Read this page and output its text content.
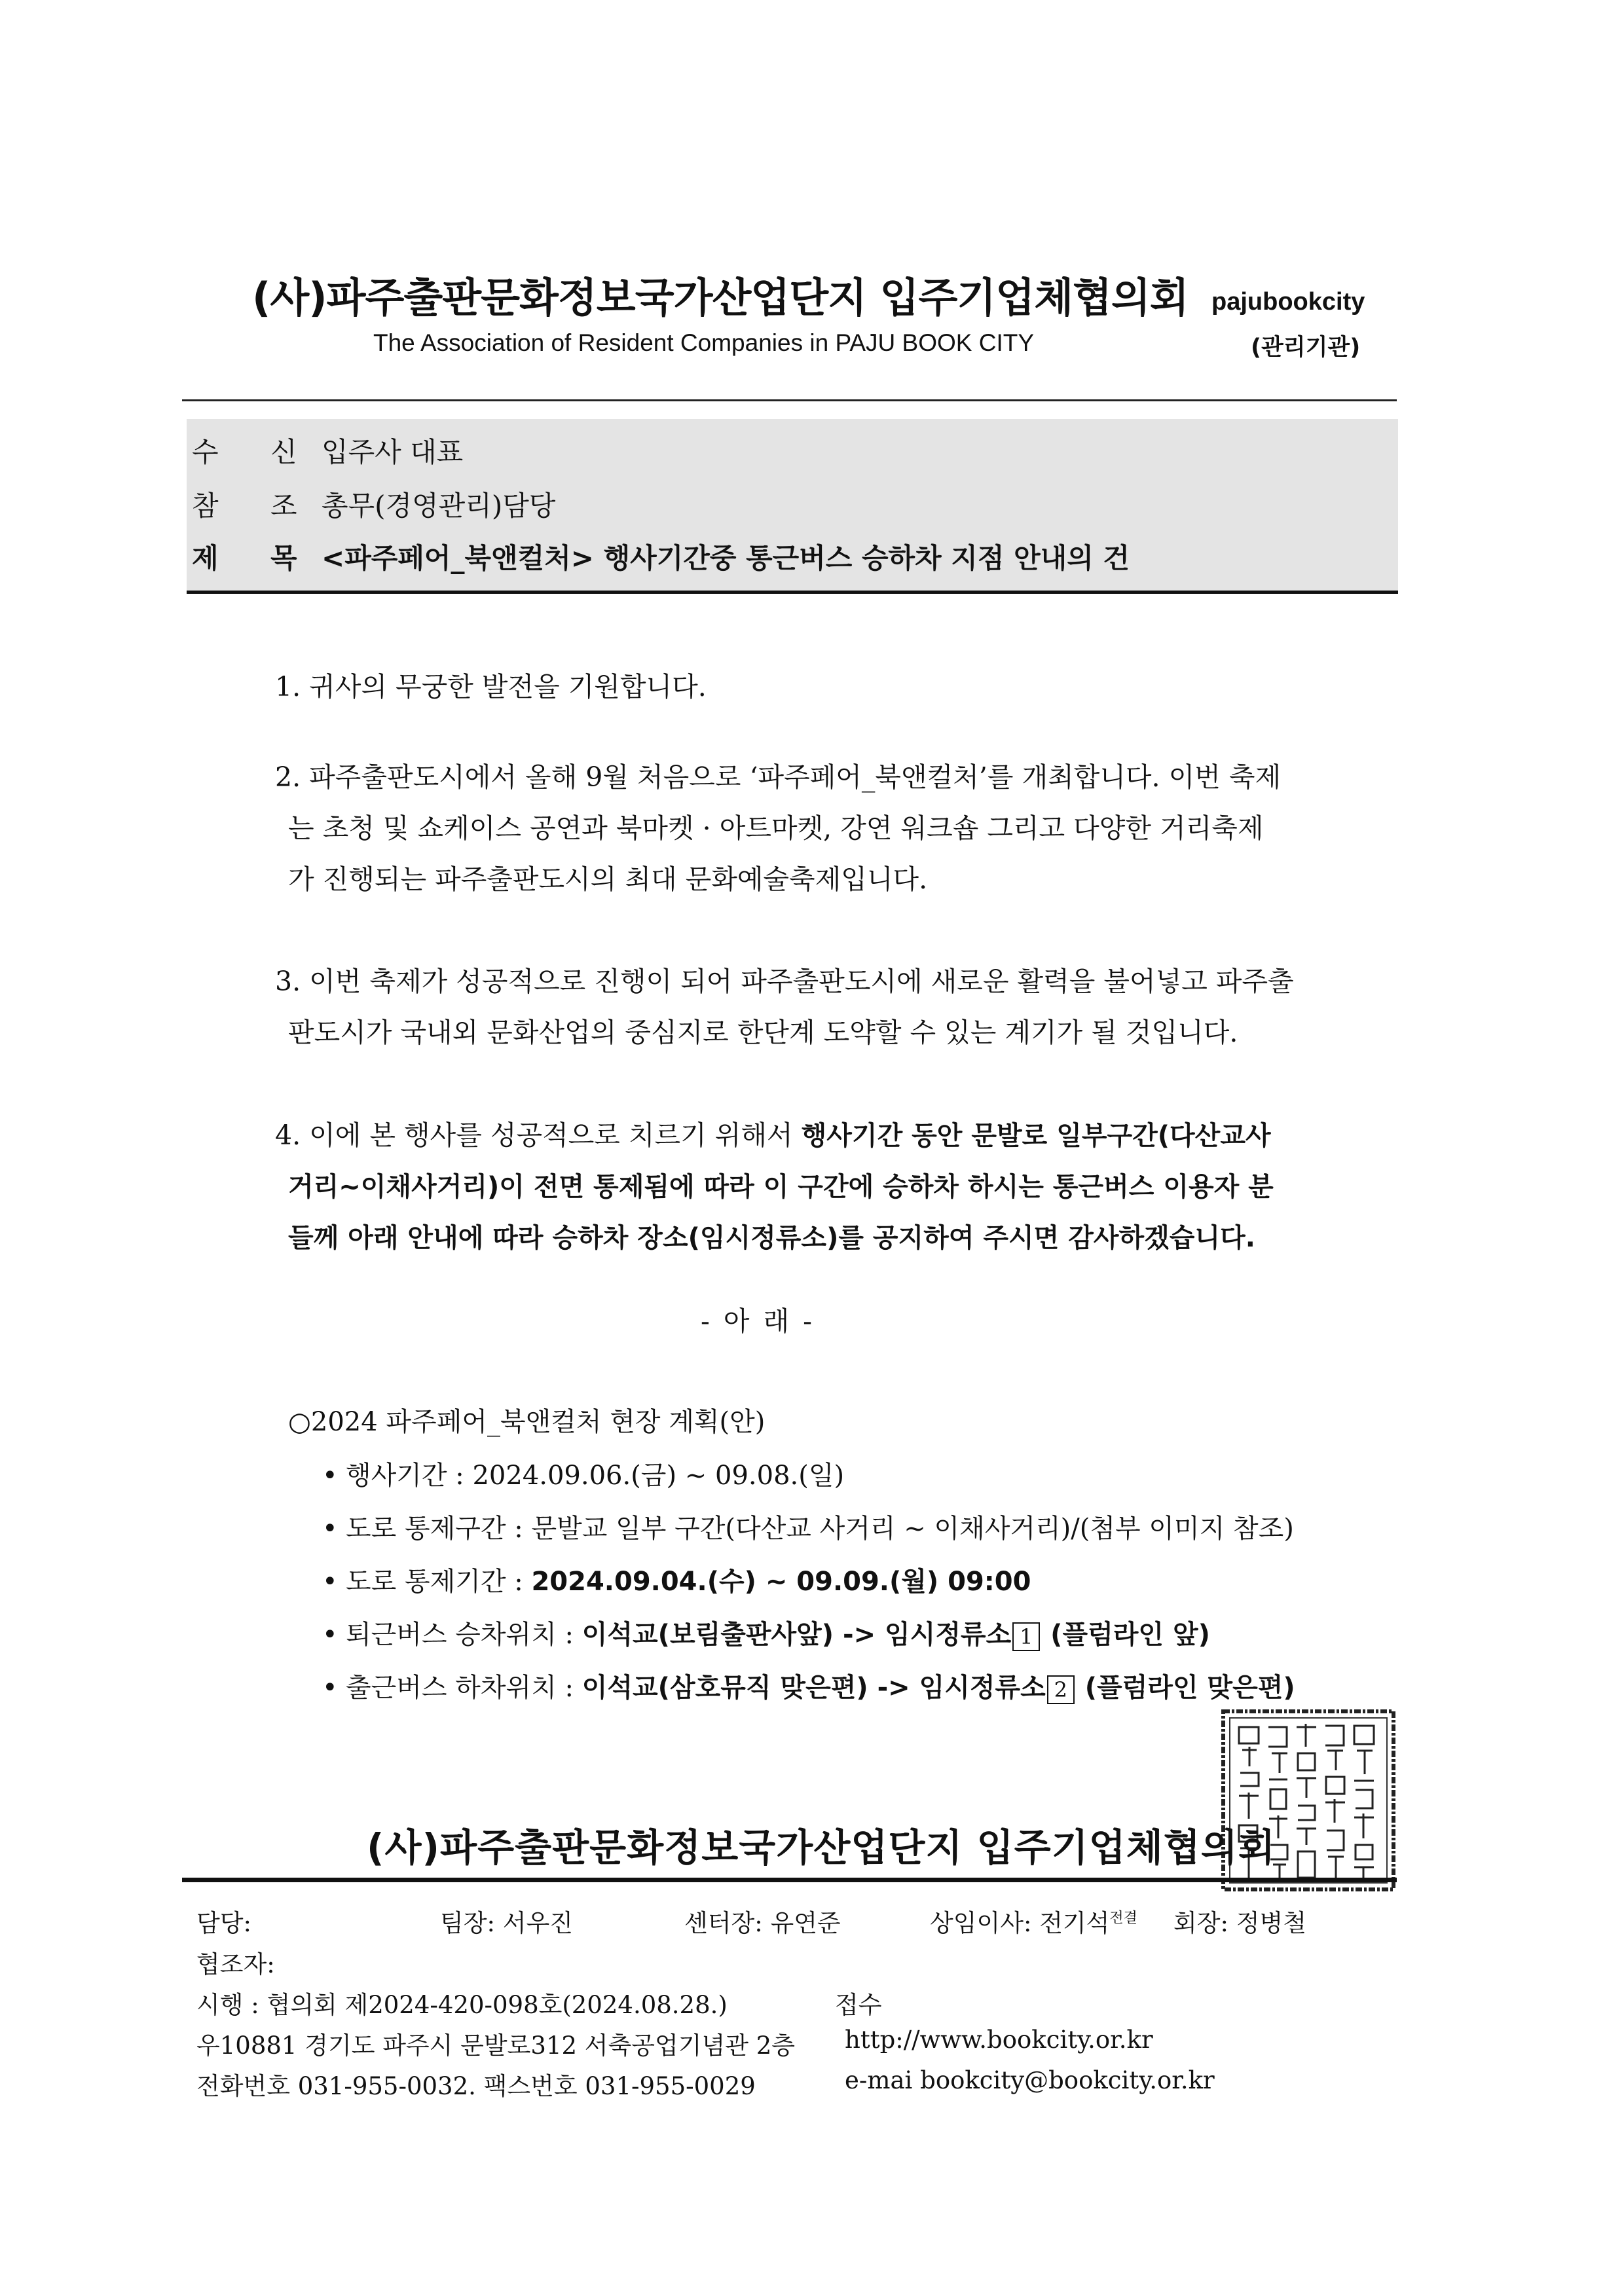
(사)파주출판문화정보국가산업단지 입주기업체협의회
The Association of Resident Companies in PAJU BOOK CITY
pajubookcity
(관리기관)
수 신 입주사 대표
참 조 총무(경영관리)담당
제 목 <파주페어_북앤컬처> 행사기간중 통근버스 승하차 지점 안내의 건
1. 귀사의 무궁한 발전을 기원합니다.
2. 파주출판도시에서 올해 9월 처음으로 ‘파주페어_북앤컬처’를 개최합니다. 이번 축제
는 초청 및 쇼케이스 공연과 북마켓 · 아트마켓, 강연 워크숍 그리고 다양한 거리축제
가 진행되는 파주출판도시의 최대 문화예술축제입니다.
3. 이번 축제가 성공적으로 진행이 되어 파주출판도시에 새로운 활력을 불어넣고 파주출
판도시가 국내외 문화산업의 중심지로 한단계 도약할 수 있는 계기가 될 것입니다.
4. 이에 본 행사를 성공적으로 치르기 위해서 행사기간 동안 문발로 일부구간(다산교사
거리~이채사거리)이 전면 통제됨에 따라 이 구간에 승하차 하시는 통근버스 이용자 분
들께 아래 안내에 따라 승하차 장소(임시정류소)를 공지하여 주시면 감사하겠습니다.
- 아 래 -
○2024 파주페어_북앤컬처 현장 계획(안)
• 행사기간 : 2024.09.06.(금) ~ 09.08.(일)
• 도로 통제구간 : 문발교 일부 구간(다산교 사거리 ~ 이채사거리)/(첨부 이미지 참조)
• 도로 통제기간 : 2024.09.04.(수) ~ 09.09.(월) 09:00
• 퇴근버스 승차위치 : 이석교(보림출판사앞) -> 임시정류소 1 (플럼라인 앞)
• 출근버스 하차위치 : 이석교(삼호뮤직 맞은편) -> 임시정류소 2 (플럼라인 맞은편)
(사)파주출판문화정보국가산업단지 입주기업체협의회
담당:	팀장: 서우진	센터장: 유연준	상임이사: 전기석$^{전결}$ 회장: 정병철
협조자:
시행 : 협의회 제2024-420-098호(2024.08.28.)	접수
우10881 경기도 파주시 문발로312 서축공업기념관 2층 http://www.bookcity.or.kr
전화번호 031-955-0032. 팩스번호 031-955-0029	e-mai bookcity@bookcity.or.kr
